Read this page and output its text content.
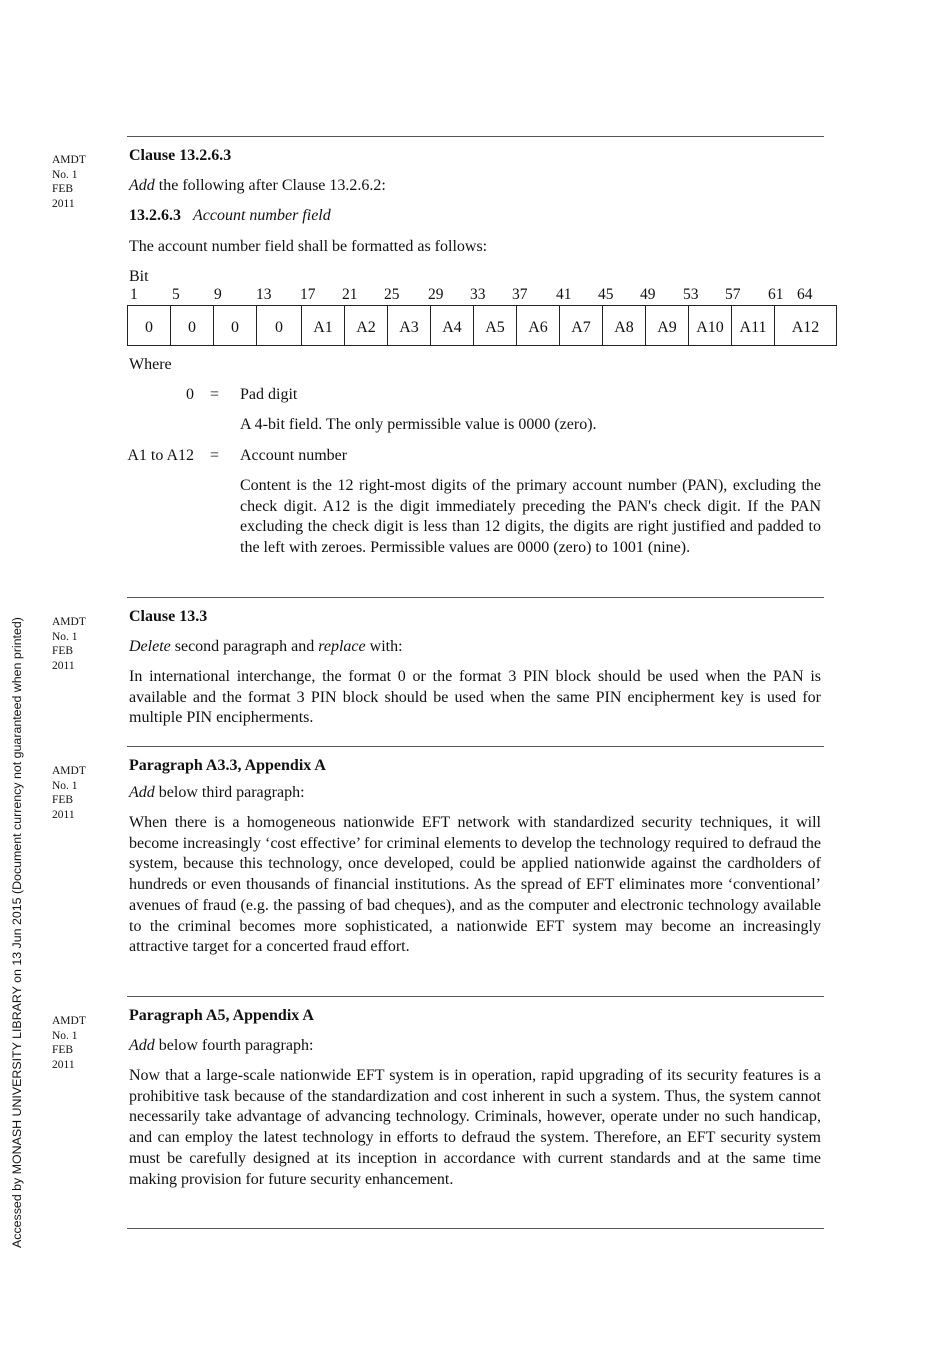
Accessed by MONASH UNIVERSITY LIBRARY on 13 Jun 2015 (Document currency not guaranteed when printed)
AMDT
No. 1
FEB
2011
Clause 13.2.6.3
Add the following after Clause 13.2.6.2:
13.2.6.3 Account number field
The account number field shall be formatted as follows:
Bit
1 5 9 13 17 21 25 29 33 37 41 45 49 53 57 61 64
0	0	0	0	A1	A2	A3	A4	A5	A6	A7	A8	A9	A10	A11	A12
Where
0 = Pad digit
A 4-bit field. The only permissible value is 0000 (zero).
A1 to A12 = Account number
Content is the 12 right-most digits of the primary account number (PAN), excluding the check digit. A12 is the digit immediately preceding the PAN's check digit. If the PAN excluding the check digit is less than 12 digits, the digits are right justified and padded to the left with zeroes. Permissible values are 0000 (zero) to 1001 (nine).
AMDT
No. 1
FEB
2011
Clause 13.3
Delete second paragraph and replace with:
In international interchange, the format 0 or the format 3 PIN block should be used when the PAN is available and the format 3 PIN block should be used when the same PIN encipherment key is used for multiple PIN encipherments.
AMDT
No. 1
FEB
2011
Paragraph A3.3, Appendix A
Add below third paragraph:
When there is a homogeneous nationwide EFT network with standardized security techniques, it will become increasingly ‘cost effective’ for criminal elements to develop the technology required to defraud the system, because this technology, once developed, could be applied nationwide against the cardholders of hundreds or even thousands of financial institutions. As the spread of EFT eliminates more ‘conventional’ avenues of fraud (e.g. the passing of bad cheques), and as the computer and electronic technology available to the criminal becomes more sophisticated, a nationwide EFT system may become an increasingly attractive target for a concerted fraud effort.
AMDT
No. 1
FEB
2011
Paragraph A5, Appendix A
Add below fourth paragraph:
Now that a large-scale nationwide EFT system is in operation, rapid upgrading of its security features is a prohibitive task because of the standardization and cost inherent in such a system. Thus, the system cannot necessarily take advantage of advancing technology. Criminals, however, operate under no such handicap, and can employ the latest technology in efforts to defraud the system. Therefore, an EFT security system must be carefully designed at its inception in accordance with current standards and at the same time making provision for future security enhancement.
